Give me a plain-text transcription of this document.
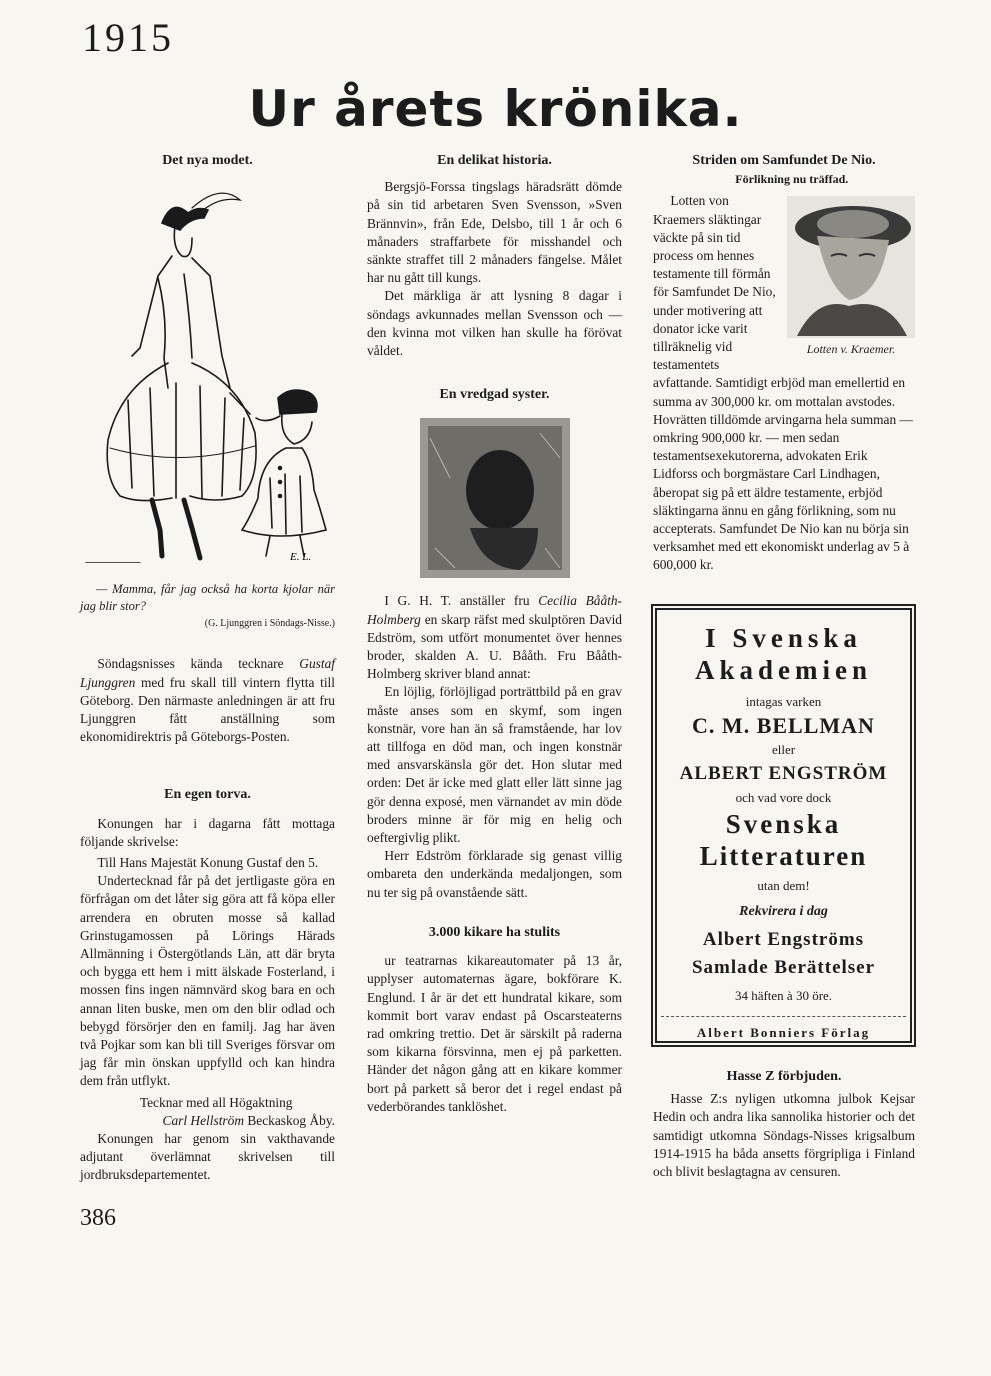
1915
Ur årets krönika.

Det nya modet.

E. L.

— Mamma, får jag också ha korta kjolar när jag blir stor?

(G. Ljunggren i Söndags-Nisse.)

Söndagsnisses kända tecknare Gustaf Ljunggren med fru skall till vintern flytta till Göteborg. Den närmaste anledningen är att fru Ljunggren fått anställning som ekonomidirektris på Göteborgs-Posten.

En egen torva.

Konungen har i dagarna fått mottaga följande skrivelse:

Till Hans Majestät Konung Gustaf den 5.

Undertecknad får på det jertligaste göra en förfrågan om det låter sig göra att få köpa eller arrendera en obruten mosse så kallad Grinstugamossen på Lörings Härads Allmänning i Östergötlands Län, att där bryta och bygga ett hem i mitt älskade Fosterland, i mossen fins ingen nämnvärd skog bara en och annan liten buske, men om den blir odlad och bebygd försörjer den en familj. Jag har även två Pojkar som kan bli till Sveriges försvar om jag får min önskan uppfylld och kan hindra dem från utflykt.

Tecknar med all Högaktning

Carl Hellström Beckaskog Åby.

Konungen har genom sin vakthavande adjutant överlämnat skrivelsen till jordbruksdepartementet.

En delikat historia.

Bergsjö-Forssa tingslags häradsrätt dömde på sin tid arbetaren Sven Svensson, »Sven Brännvin», från Ede, Delsbo, till 1 år och 6 månaders straffarbete för misshandel och sänkte straffet till 2 månaders fängelse. Målet har nu gått till kungs.

Det märkliga är att lysning 8 dagar i söndags avkunnades mellan Svensson och — den kvinna mot vilken han skulle ha förövat våldet.

En vredgad syster.

I G. H. T. anställer fru Cecilia Bååth-Holmberg en skarp räfst med skulptören David Edström, som utfört monumentet över hennes broder, skalden A. U. Bååth. Fru Bååth-Holmberg skriver bland annat:

En löjlig, förlöjligad porträttbild på en grav måste anses som en skymf, som ingen konstnär, vore han än så framstående, har lov att tillfoga en död man, och ingen konstnär med ansvarskänsla gör det. Hon slutar med orden: Det är icke med glatt eller lätt sinne jag gör denna exposé, men värnandet av min döde broders minne är för mig en helig och oeftergivlig plikt.

Herr Edström förklarade sig genast villig ombareta den underkända medaljongen, som nu ter sig på ovanstående sätt.

3.000 kikare ha stulits

ur teatrarnas kikareautomater på 13 år, upplyser automaternas ägare, bokförare K. Englund. I år är det ett hundratal kikare, som kommit bort varav endast på Oscarsteaterns rad omkring trettio. Det är särskilt på raderna som kikarna försvinna, men ej på parketten. Händer det någon gång att en kikare kommer bort på parkett så beror det i regel endast på vederbörandes tanklöshet.

Striden om Samfundet De Nio.

Förlikning nu träffad.

Lotten v. Kraemer.

Lotten von Kraemers släktingar väckte på sin tid process om hennes testamente till förmån för Samfundet De Nio, under motivering att donator icke varit tillräknelig vid testamentets avfattande. Samtidigt erbjöd man emellertid en summa av 300,000 kr. om mottalan avstodes. Hovrätten tilldömde arvingarna hela summan — omkring 900,000 kr. — men sedan testamentsexekutorerna, advokaten Erik Lidforss och borgmästare Carl Lindhagen, åberopat sig på ett äldre testamente, erbjöd släktingarna ännu en gång förlikning, som nu accepterats. Samfundet De Nio kan nu börja sin verksamhet med ett ekonomiskt underlag av 5 à 600,000 kr.

I Svenska
Akademien
intagas varken
C. M. BELLMAN
eller
ALBERT ENGSTRÖM
och vad vore dock
Svenska
Litteraturen
utan dem!
Rekvirera i dag
Albert Engströms
Samlade Berättelser
34 häften à 30 öre.
Albert Bonniers Förlag

Hasse Z förbjuden.

Hasse Z:s nyligen utkomna julbok Kejsar Hedin och andra lika sannolika historier och det samtidigt utkomna Söndags-Nisses krigsalbum 1914-1915 ha båda ansetts förgripliga i Finland och blivit beslagtagna av censuren.

386
